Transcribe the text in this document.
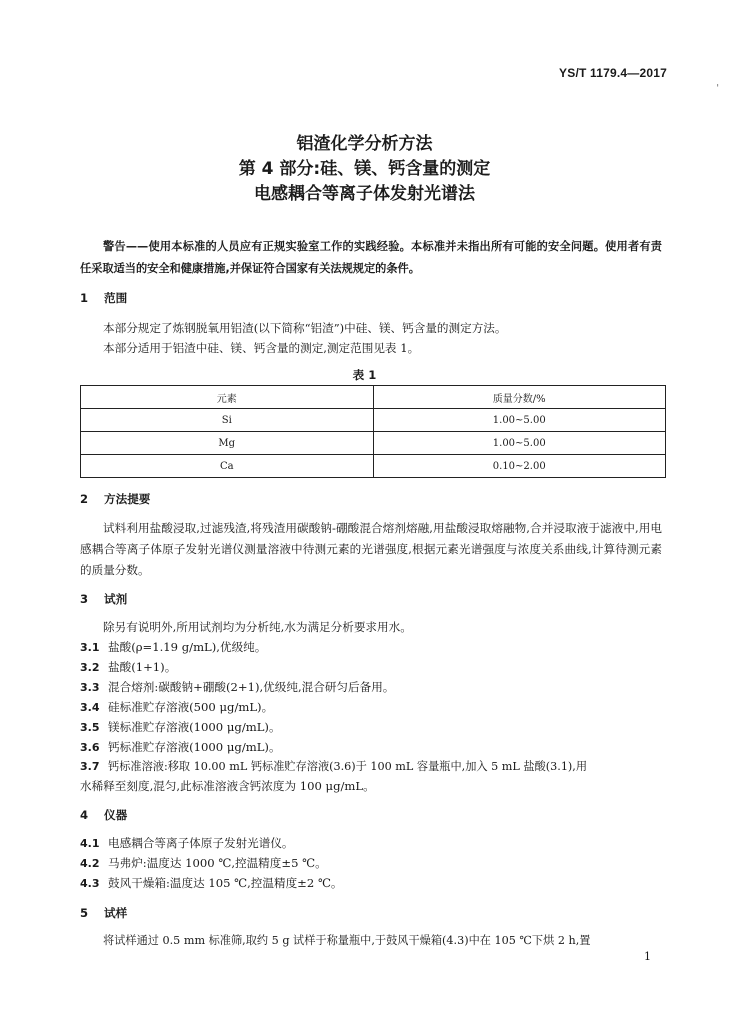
YS/T 1179.4—2017
'
铝渣化学分析方法
第 4 部分:硅、镁、钙含量的测定
电感耦合等离子体发射光谱法
警告——使用本标准的人员应有正规实验室工作的实践经验。本标准并未指出所有可能的安全问题。使用者有责任采取适当的安全和健康措施,并保证符合国家有关法规规定的条件。
1 范围
本部分规定了炼钢脱氧用铝渣(以下简称“铝渣”)中硅、镁、钙含量的测定方法。
本部分适用于铝渣中硅、镁、钙含量的测定,测定范围见表 1。
表 1
元素	质量分数/%
Si	1.00~5.00
Mg	1.00~5.00
Ca	0.10~2.00
2 方法提要
试料利用盐酸浸取,过滤残渣,将残渣用碳酸钠-硼酸混合熔剂熔融,用盐酸浸取熔融物,合并浸取液于滤液中,用电感耦合等离子体原子发射光谱仪测量溶液中待测元素的光谱强度,根据元素光谱强度与浓度关系曲线,计算待测元素的质量分数。
3 试剂
除另有说明外,所用试剂均为分析纯,水为满足分析要求用水。
3.1 盐酸(ρ=1.19 g/mL),优级纯。
3.2 盐酸(1+1)。
3.3 混合熔剂:碳酸钠+硼酸(2+1),优级纯,混合研匀后备用。
3.4 硅标准贮存溶液(500 μg/mL)。
3.5 镁标准贮存溶液(1000 μg/mL)。
3.6 钙标准贮存溶液(1000 μg/mL)。
3.7 钙标准溶液:移取 10.00 mL 钙标准贮存溶液(3.6)于 100 mL 容量瓶中,加入 5 mL 盐酸(3.1),用
水稀释至刻度,混匀,此标准溶液含钙浓度为 100 μg/mL。
4 仪器
4.1 电感耦合等离子体原子发射光谱仪。
4.2 马弗炉:温度达 1000 ℃,控温精度±5 ℃。
4.3 鼓风干燥箱:温度达 105 ℃,控温精度±2 ℃。
5 试样
将试样通过 0.5 mm 标准筛,取约 5 g 试样于称量瓶中,于鼓风干燥箱(4.3)中在 105 ℃下烘 2 h,置
1
